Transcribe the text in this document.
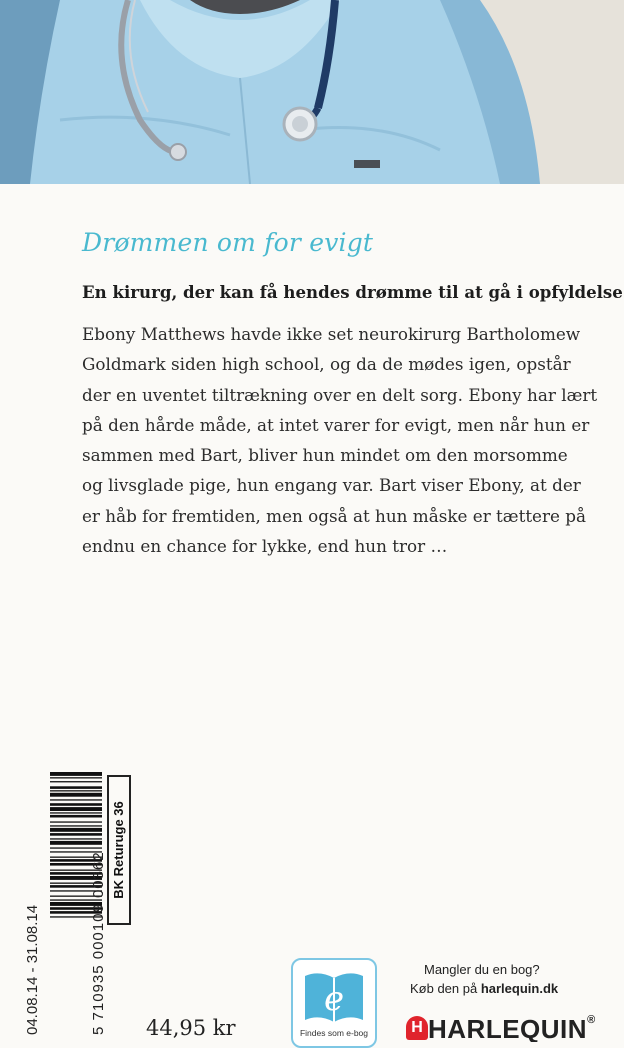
Drømmen om for evigt
En kirurg, der kan få hendes drømme til at gå i opfyldelse
Ebony Matthews havde ikke set neurokirurg Bartholomew
Goldmark siden high school, og da de mødes igen, opstår
der en uventet tiltrækning over en delt sorg. Ebony har lært
på den hårde måde, at intet varer for evigt, men når hun er
sammen med Bart, bliver hun mindet om den morsomme
og livsglade pige, hun engang var. Bart viser Ebony, at der
er håb for fremtiden, men også at hun måske er tættere på
endnu en chance for lykke, end hun tror …
04.08.14 - 31.08.14	5 710935 000109 00362
BK Returuge 36
44,95 kr
e
Findes som e-bog
Mangler du en bog?
Køb den på harlequin.dk
H HARLEQUIN®
